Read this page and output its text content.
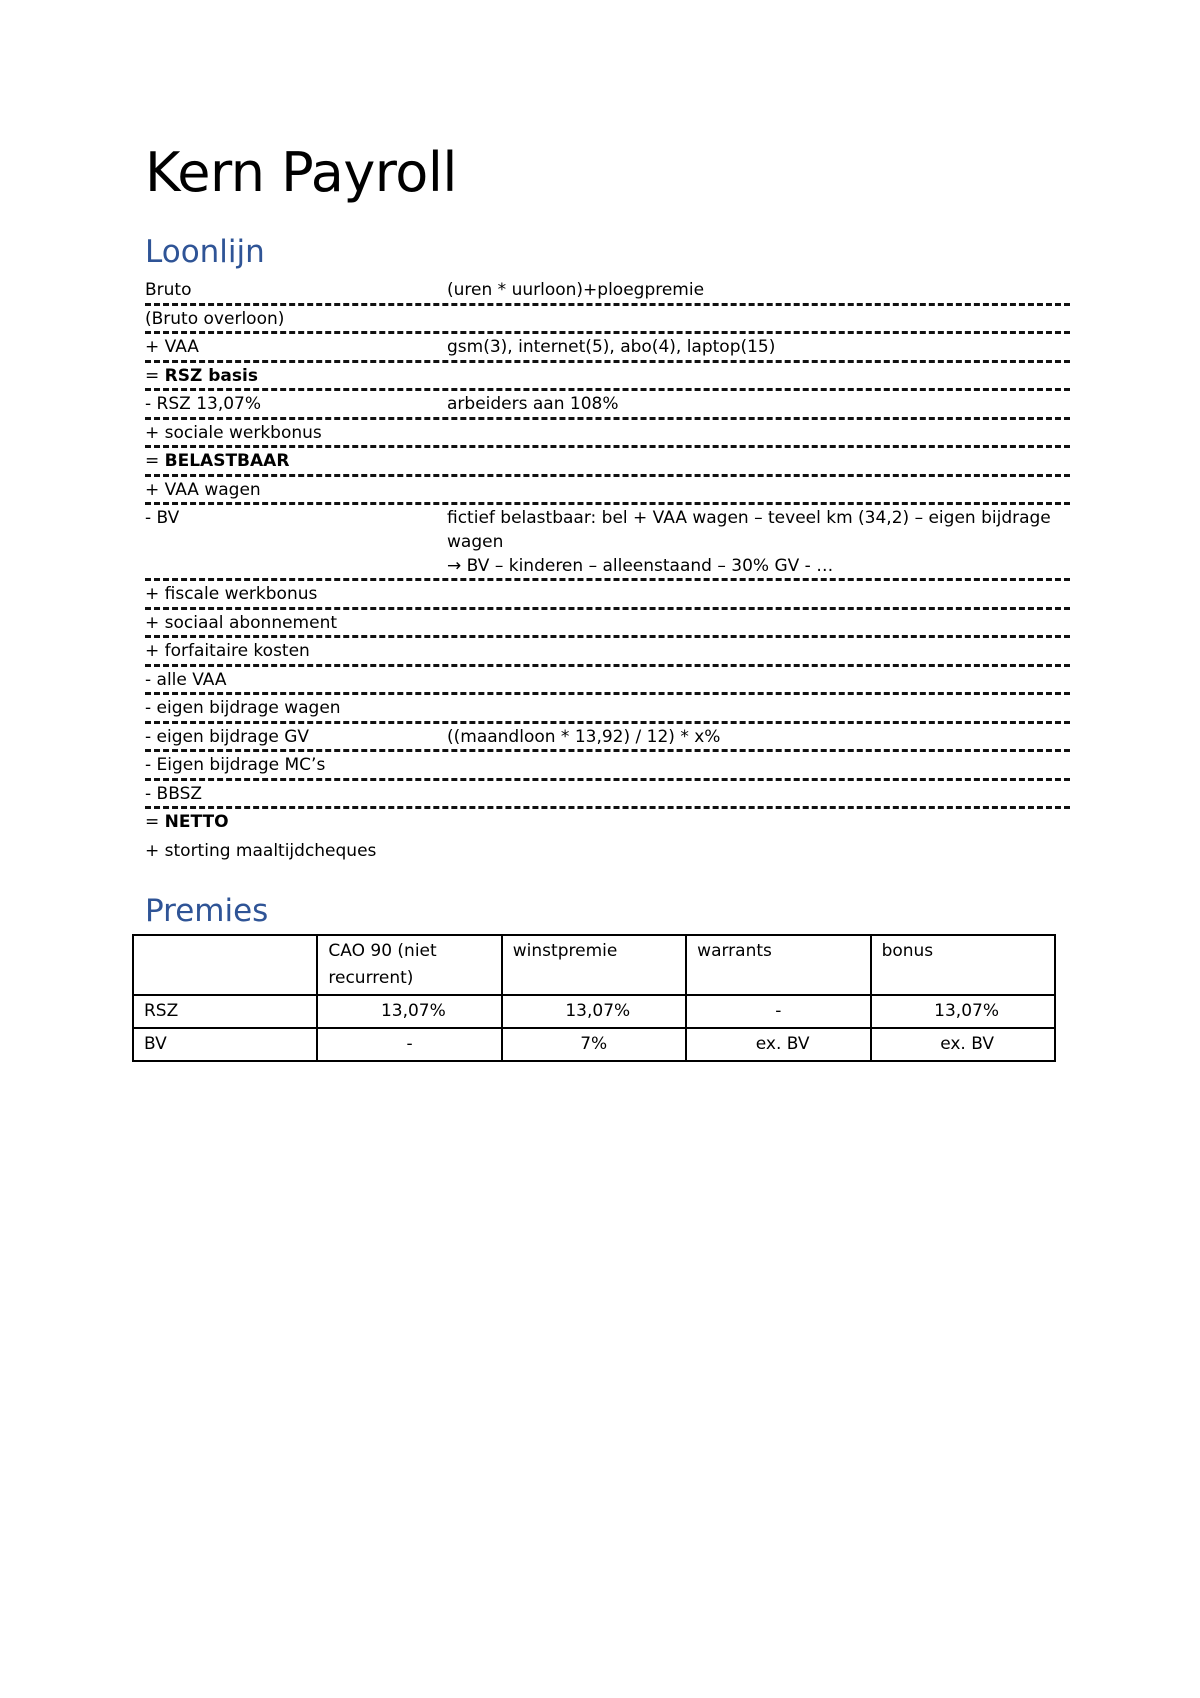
Kern Payroll
Loonlijn
Bruto	(uren * uurloon)+ploegpremie
(Bruto overloon)
+ VAA	gsm(3), internet(5), abo(4), laptop(15)
= RSZ basis
- RSZ 13,07%	arbeiders aan 108%
+ sociale werkbonus
= BELASTBAAR
+ VAA wagen
- BV	fictief belastbaar: bel + VAA wagen – teveel km (34,2) – eigen bijdrage wagen
→ BV – kinderen – alleenstaand – 30% GV - …
+ fiscale werkbonus
+ sociaal abonnement
+ forfaitaire kosten
- alle VAA
- eigen bijdrage wagen
- eigen bijdrage GV	((maandloon * 13,92) / 12) * x%
- Eigen bijdrage MC’s
- BBSZ
= NETTO
+ storting maaltijdcheques
Premies
	CAO 90 (niet recurrent)	winstpremie	warrants	bonus
RSZ	13,07%	13,07%	-	13,07%
BV	-	7%	ex. BV	ex. BV
